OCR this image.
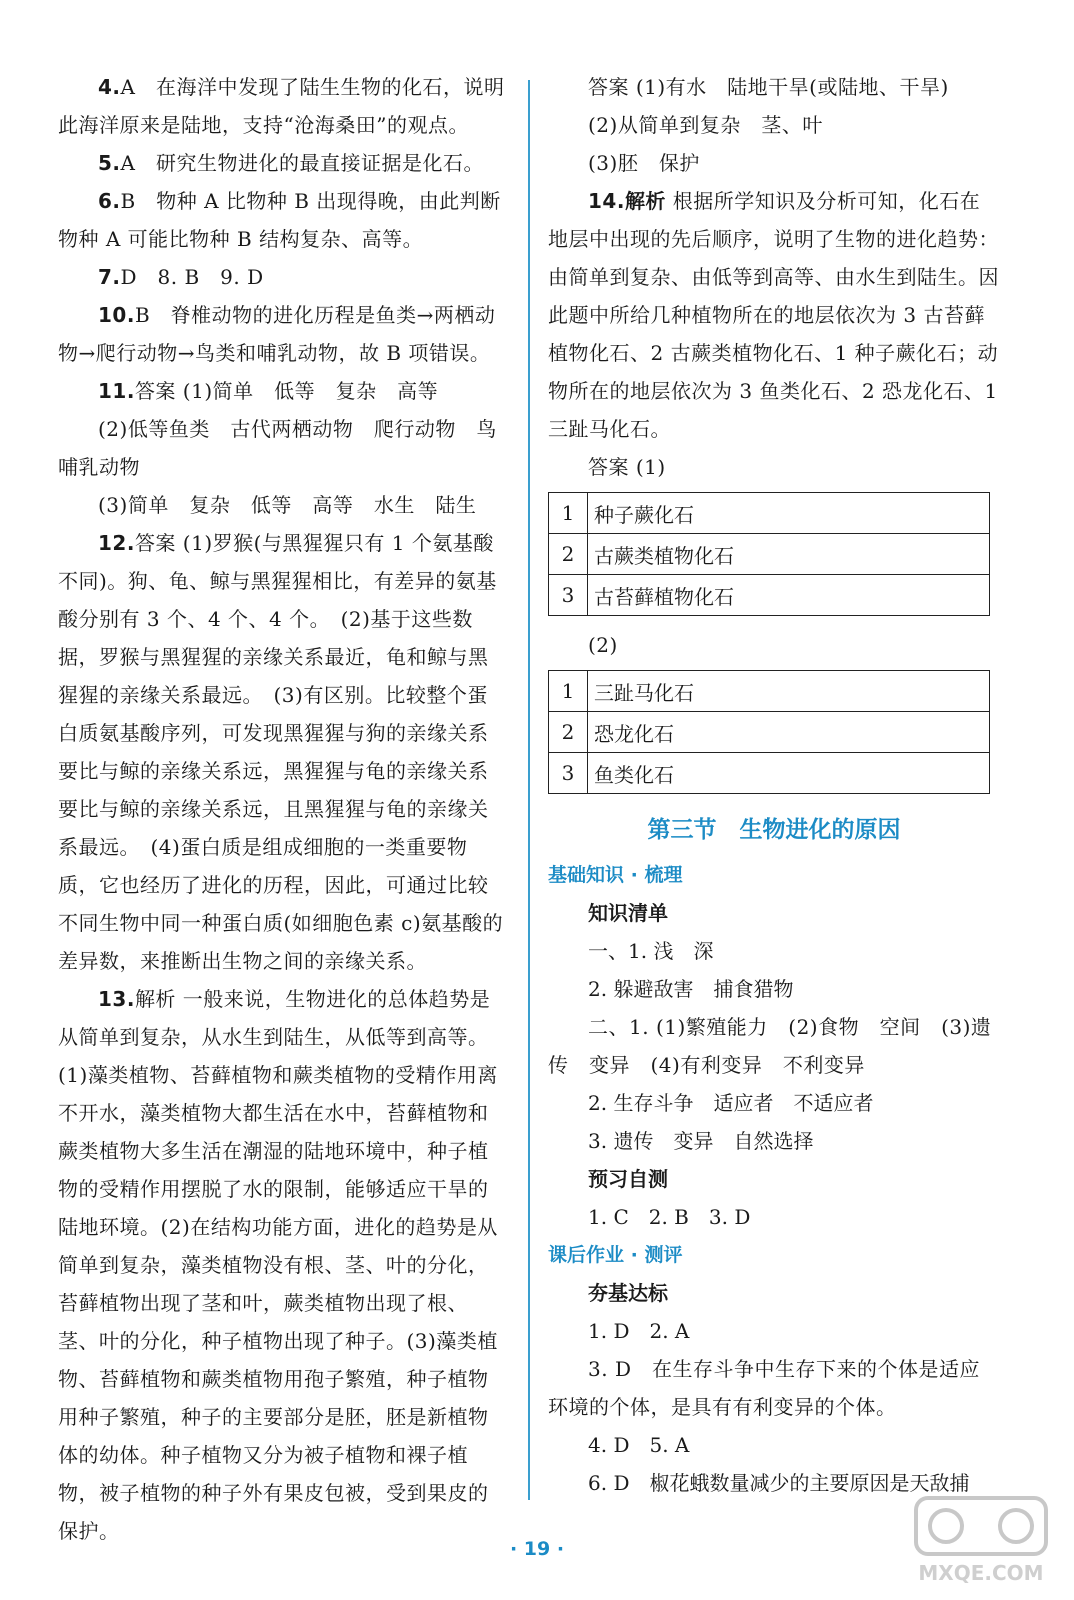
4.A　在海洋中发现了陆生生物的化石，说明此海洋原来是陆地，支持“沧海桑田”的观点。

5.A　研究生物进化的最直接证据是化石。

6.B　物种 A 比物种 B 出现得晚，由此判断物种 A 可能比物种 B 结构复杂、高等。

7.D　8. B　9. D

10.B　脊椎动物的进化历程是鱼类→两栖动物→爬行动物→鸟类和哺乳动物，故 B 项错误。

11.答案 (1)简单　低等　复杂　高等

(2)低等鱼类　古代两栖动物　爬行动物　鸟　哺乳动物

(3)简单　复杂　低等　高等　水生　陆生

12.答案 (1)罗猴(与黑猩猩只有 1 个氨基酸不同)。狗、龟、鲸与黑猩猩相比，有差异的氨基酸分别有 3 个、4 个、4 个。　(2)基于这些数据，罗猴与黑猩猩的亲缘关系最近，龟和鲸与黑猩猩的亲缘关系最远。　(3)有区别。比较整个蛋白质氨基酸序列，可发现黑猩猩与狗的亲缘关系要比与鲸的亲缘关系远，黑猩猩与龟的亲缘关系要比与鲸的亲缘关系远，且黑猩猩与龟的亲缘关系最远。　(4)蛋白质是组成细胞的一类重要物质，它也经历了进化的历程，因此，可通过比较不同生物中同一种蛋白质(如细胞色素 c)氨基酸的差异数，来推断出生物之间的亲缘关系。

13.解析 一般来说，生物进化的总体趋势是从简单到复杂，从水生到陆生，从低等到高等。(1)藻类植物、苔藓植物和蕨类植物的受精作用离不开水，藻类植物大都生活在水中，苔藓植物和蕨类植物大多生活在潮湿的陆地环境中，种子植物的受精作用摆脱了水的限制，能够适应干旱的陆地环境。(2)在结构功能方面，进化的趋势是从简单到复杂，藻类植物没有根、茎、叶的分化，苔藓植物出现了茎和叶，蕨类植物出现了根、茎、叶的分化，种子植物出现了种子。(3)藻类植物、苔藓植物和蕨类植物用孢子繁殖，种子植物用种子繁殖，种子的主要部分是胚，胚是新植物体的幼体。种子植物又分为被子植物和裸子植物，被子植物的种子外有果皮包被，受到果皮的保护。

答案 (1)有水　陆地干旱(或陆地、干旱)

(2)从简单到复杂　茎、叶

(3)胚　保护

14.解析 根据所学知识及分析可知，化石在地层中出现的先后顺序，说明了生物的进化趋势：由简单到复杂、由低等到高等、由水生到陆生。因此题中所给几种植物所在的地层依次为 3 古苔藓植物化石、2 古蕨类植物化石、1 种子蕨化石；动物所在的地层依次为 3 鱼类化石、2 恐龙化石、1 三趾马化石。

答案 (1)

1	种子蕨化石
2	古蕨类植物化石
3	古苔藓植物化石

(2)

1	三趾马化石
2	恐龙化石
3	鱼类化石

第三节　生物进化的原因

基础知识 · 梳理

知识清单

一、1. 浅　深

2. 躲避敌害　捕食猎物

二、1. (1)繁殖能力　(2)食物　空间　(3)遗传　变异　(4)有利变异　不利变异

2. 生存斗争　适应者　不适应者

3. 遗传　变异　自然选择

预习自测

1. C　2. B　3. D

课后作业 · 测评

夯基达标

1. D　2. A

3. D　在生存斗争中生存下来的个体是适应环境的个体，是具有有利变异的个体。

4. D　5. A

6. D　椒花蛾数量减少的主要原因是天敌捕

· 19 ·
MXQE.COM
